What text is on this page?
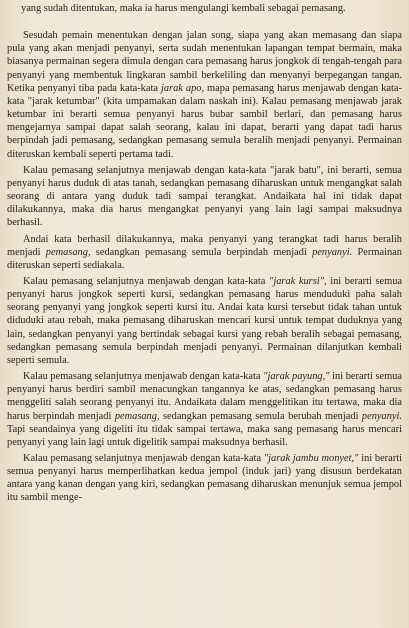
yang sudah ditentukan, maka ia harus mengulangi kembali sebagai pemasang.

Sesudah pemain menentukan dengan jalan song, siapa yang akan memasang dan siapa pula yang akan menjadi penyanyi, serta sudah menentukan lapangan tempat bermain, maka biasanya permainan segera dimula dengan cara pemasang harus jongkok di tengah-tengah para penyanyi yang membentuk lingkaran sambil berkeliling dan menyanyi berpegangan tangan. Ketika penyanyi tiba pada kata-kata jarak apo, mapa pemasang harus menjawab dengan kata-kata "jarak ketumbar" (kita umpamakan dalam naskah ini). Kalau pemasang menjawab jarak ketumbar ini berarti semua penyanyi harus bubar sambil berlari, dan pemasang harus mengejarnya sampai dapat salah seorang, kalau ini dapat, berarti yang dapat tadi harus berpindah jadi pemasang, sedangkan pemasang semula beralih menjadi penyanyi. Permainan diteruskan kembali seperti pertama tadi.

Kalau pemasang selanjutnya menjawab dengan kata-kata "jarak batu", ini berarti, semua penyanyi harus duduk di atas tanah, sedangkan pemasang diharuskan untuk mengangkat salah seorang di antara yang duduk tadi sampai terangkat. Andaikata hal ini tidak dapat dilakukannya, maka dia harus mengangkat penyanyi yang lain lagi sampai maksudnya berhasil.

Andai kata berhasil dilakukannya, maka penyanyi yang terangkat tadi harus beralih menjadi pemasang, sedangkan pemasang semula berpindah menjadi penyanyi. Permainan diteruskan seperti sediakala.

Kalau pemasang selanjutnya menjawab dengan kata-kata "jarak kursi", ini berarti semua penyanyi harus jongkok seperti kursi, sedangkan pemasang harus menduduki paha salah seorang penyanyi yang jongkok seperti kursi itu. Andai kata kursi tersebut tidak tahan untuk diduduki atau rebah, maka pemasang diharuskan mencari kursi untuk tempat duduknya yang lain, sedangkan penyanyi yang bertindak sebagai kursi yang rebah beralih sebagai pemasang, sedangkan pemasang semula berpindah menjadi penyanyi. Permainan dilanjutkan kembali seperti semula.

Kalau pemasang selanjutnya menjawab dengan kata-kata "jarak payung," ini berarti semua penyanyi harus berdiri sambil menacungkan tangannya ke atas, sedangkan pemasang harus menggeliti salah seorang penyanyi itu. Andaikata dalam menggelitikan itu tertawa, maka dia harus berpindah menjadi pemasang, sedangkan pemasang semula berubah menjadi penyanyi. Tapi seandainya yang digeliti itu tidak sampai tertawa, maka sang pemasang harus mencari penyanyi yang lain lagi untuk digelitik sampai maksudnya berhasil.

Kalau pemasang selanjutnya menjawab dengan kata-kata "jarak jambu monyet," ini berarti semua penyanyi harus memperlihatkan kedua jempol (induk jari) yang disusun berdekatan antara yang kanan dengan yang kiri, sedangkan pemasang diharuskan menunjuk semua jempol itu sambil menge-
